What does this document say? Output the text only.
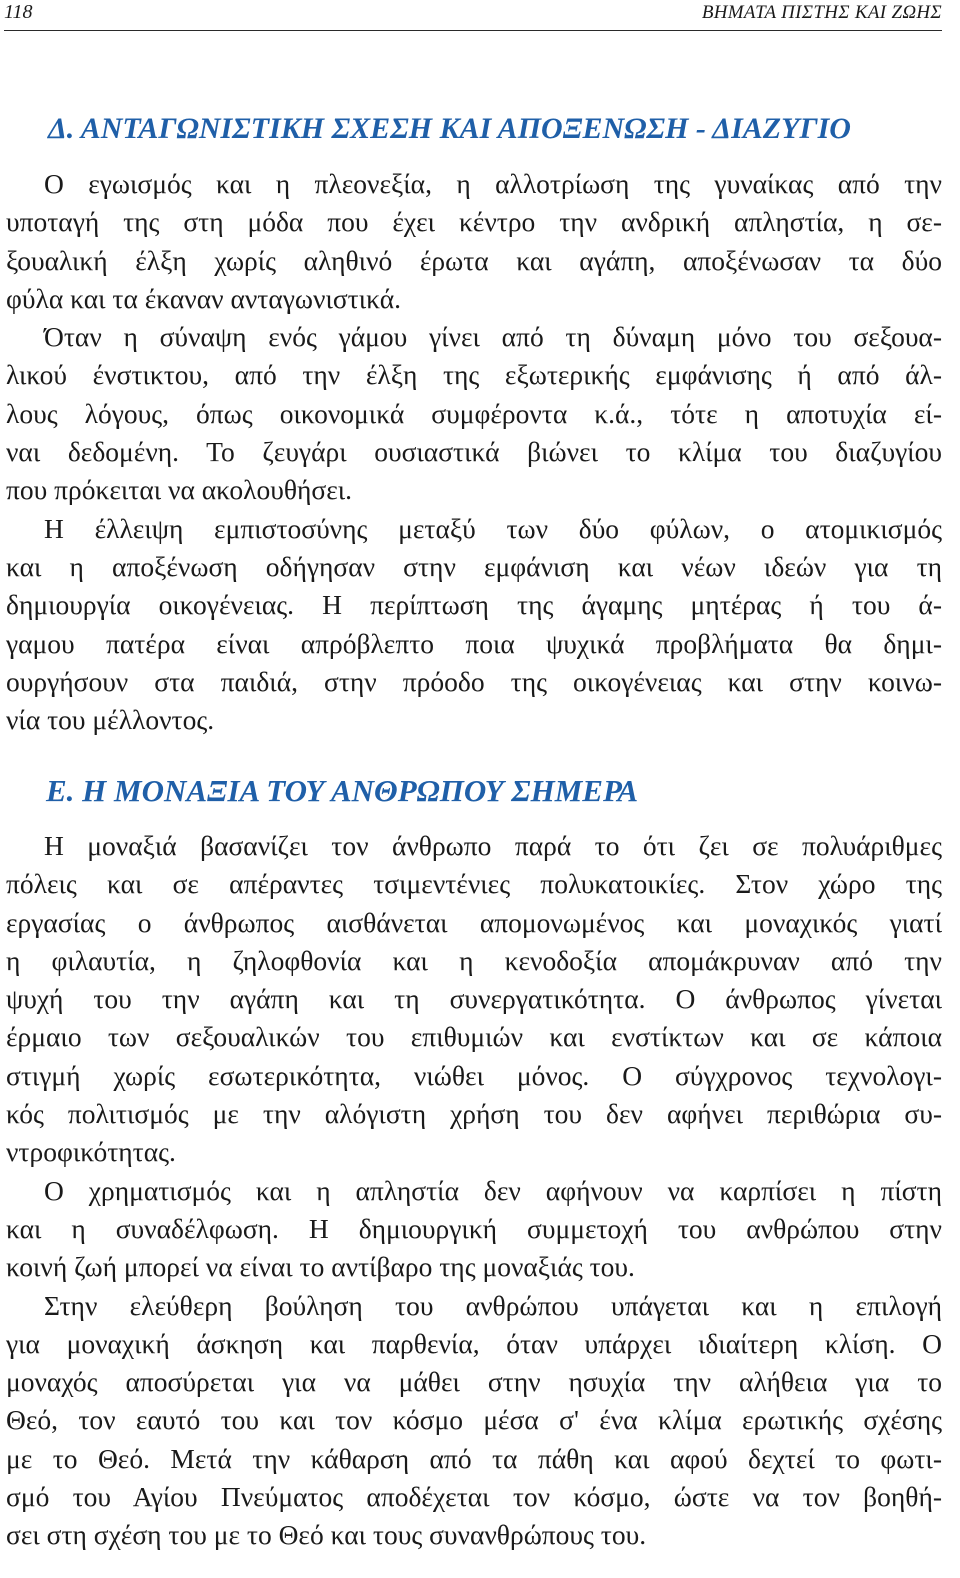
118	ΒΗΜΑΤΑ ΠΙΣΤΗΣ ΚΑΙ ΖΩΗΣ
Δ. ΑΝΤΑΓΩΝΙΣΤΙΚΗ ΣΧΕΣΗ ΚΑΙ ΑΠΟΞΕΝΩΣΗ - ΔΙΑΖΥΓΙΟ
Ο εγωισμός και η πλεονεξία, η αλλοτρίωση της γυναίκας από την
υποταγή της στη μόδα που έχει κέντρο την ανδρική απληστία, η σε-
ξουαλική έλξη χωρίς αληθινό έρωτα και αγάπη, αποξένωσαν τα δύο
φύλα και τα έκαναν ανταγωνιστικά.
Όταν η σύναψη ενός γάμου γίνει από τη δύναμη μόνο του σεξουα-
λικού ένστικτου, από την έλξη της εξωτερικής εμφάνισης ή από άλ-
λους λόγους, όπως οικονομικά συμφέροντα κ.ά., τότε η αποτυχία εί-
ναι δεδομένη. Το ζευγάρι ουσιαστικά βιώνει το κλίμα του διαζυγίου
που πρόκειται να ακολουθήσει.
Η έλλειψη εμπιστοσύνης μεταξύ των δύο φύλων, ο ατομικισμός
και η αποξένωση οδήγησαν στην εμφάνιση και νέων ιδεών για τη
δημιουργία οικογένειας. Η περίπτωση της άγαμης μητέρας ή του ά-
γαμου πατέρα είναι απρόβλεπτο ποια ψυχικά προβλήματα θα δημι-
ουργήσουν στα παιδιά, στην πρόοδο της οικογένειας και στην κοινω-
νία του μέλλοντος.
Ε. Η ΜΟΝΑΞΙΑ ΤΟΥ ΑΝΘΡΩΠΟΥ ΣΗΜΕΡΑ
Η μοναξιά βασανίζει τον άνθρωπο παρά το ότι ζει σε πολυάριθμες
πόλεις και σε απέραντες τσιμεντένιες πολυκατοικίες. Στον χώρο της
εργασίας ο άνθρωπος αισθάνεται απομονωμένος και μοναχικός γιατί
η φιλαυτία, η ζηλοφθονία και η κενοδοξία απομάκρυναν από την
ψυχή του την αγάπη και τη συνεργατικότητα. Ο άνθρωπος γίνεται
έρμαιο των σεξουαλικών του επιθυμιών και ενστίκτων και σε κάποια
στιγμή χωρίς εσωτερικότητα, νιώθει μόνος. Ο σύγχρονος τεχνολογι-
κός πολιτισμός με την αλόγιστη χρήση του δεν αφήνει περιθώρια συ-
ντροφικότητας.
Ο χρηματισμός και η απληστία δεν αφήνουν να καρπίσει η πίστη
και η συναδέλφωση. Η δημιουργική συμμετοχή του ανθρώπου στην
κοινή ζωή μπορεί να είναι το αντίβαρο της μοναξιάς του.
Στην ελεύθερη βούληση του ανθρώπου υπάγεται και η επιλογή
για μοναχική άσκηση και παρθενία, όταν υπάρχει ιδιαίτερη κλίση. Ο
μοναχός αποσύρεται για να μάθει στην ησυχία την αλήθεια για το
Θεό, τον εαυτό του και τον κόσμο μέσα σ' ένα κλίμα ερωτικής σχέσης
με το Θεό. Μετά την κάθαρση από τα πάθη και αφού δεχτεί το φωτι-
σμό του Αγίου Πνεύματος αποδέχεται τον κόσμο, ώστε να τον βοηθή-
σει στη σχέση του με το Θεό και τους συνανθρώπους του.
